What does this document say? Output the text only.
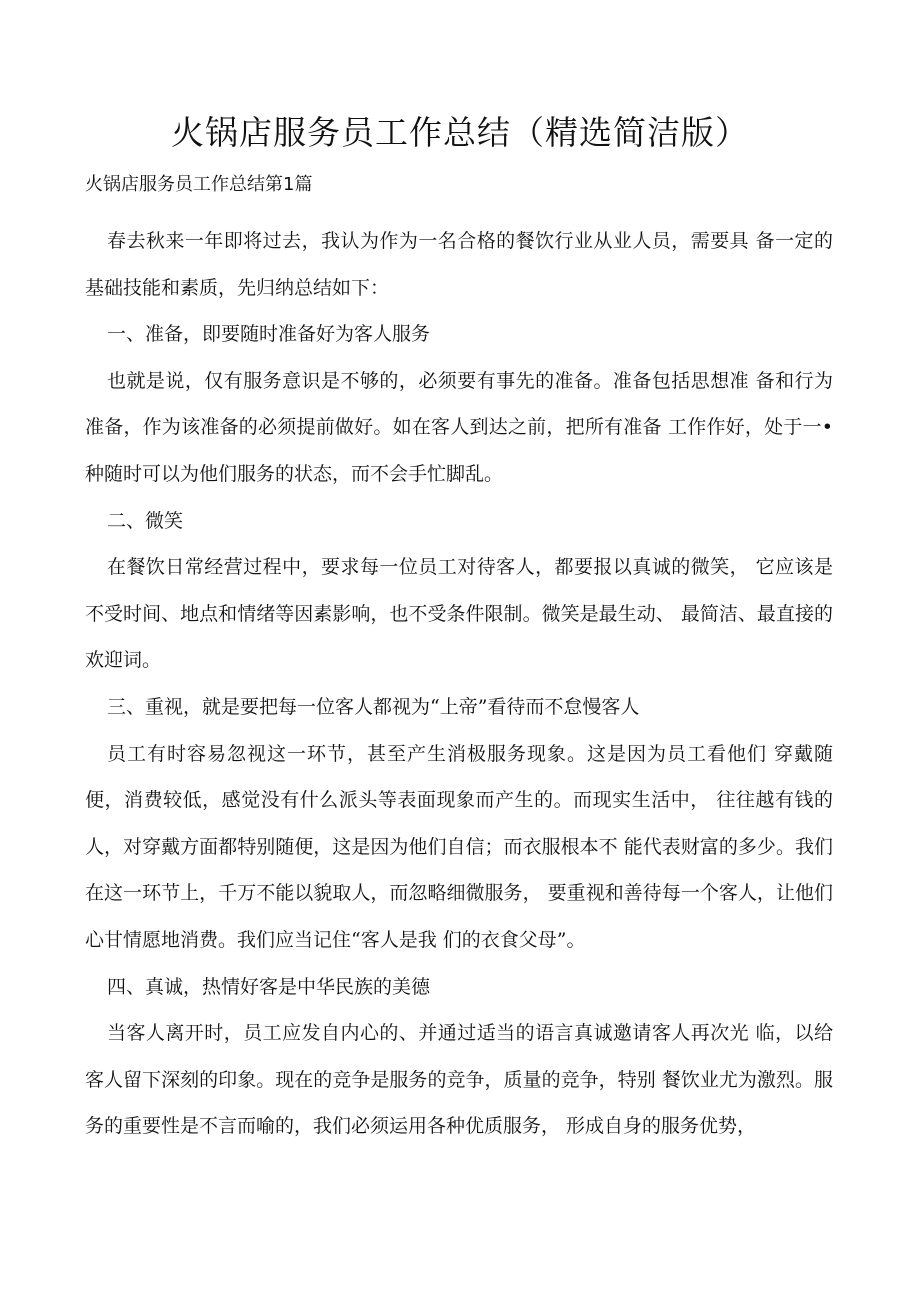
火锅店服务员工作总结（精选简洁版）
火锅店服务员工作总结第1篇

春去秋来一年即将过去，我认为作为一名合格的餐饮行业从业人员，需要具 备一定的基础技能和素质，先归纳总结如下：

一、准备，即要随时准备好为客人服务

也就是说，仅有服务意识是不够的，必须要有事先的准备。准备包括思想准 备和行为准备，作为该准备的必须提前做好。如在客人到达之前，把所有准备 工作作好，处于一•种随时可以为他们服务的状态，而不会手忙脚乱。

二、微笑

在餐饮日常经营过程中，要求每一位员工对待客人，都要报以真诚的微笑， 它应该是不受时间、地点和情绪等因素影响，也不受条件限制。微笑是最生动、 最简洁、最直接的欢迎词。

三、重视，就是要把每一位客人都视为“上帝”看待而不怠慢客人

员工有时容易忽视这一环节，甚至产生消极服务现象。这是因为员工看他们 穿戴随便，消费较低，感觉没有什么派头等表面现象而产生的。而现实生活中， 往往越有钱的人，对穿戴方面都特别随便，这是因为他们自信；而衣服根本不 能代表财富的多少。我们在这一环节上，千万不能以貌取人，而忽略细微服务， 要重视和善待每一个客人，让他们心甘情愿地消费。我们应当记住“客人是我 们的衣食父母”。

四、真诚，热情好客是中华民族的美德

当客人离开时，员工应发自内心的、并通过适当的语言真诚邀请客人再次光 临，以给客人留下深刻的印象。现在的竞争是服务的竞争，质量的竞争，特别 餐饮业尤为激烈。服务的重要性是不言而喻的，我们必须运用各种优质服务， 形成自身的服务优势，
